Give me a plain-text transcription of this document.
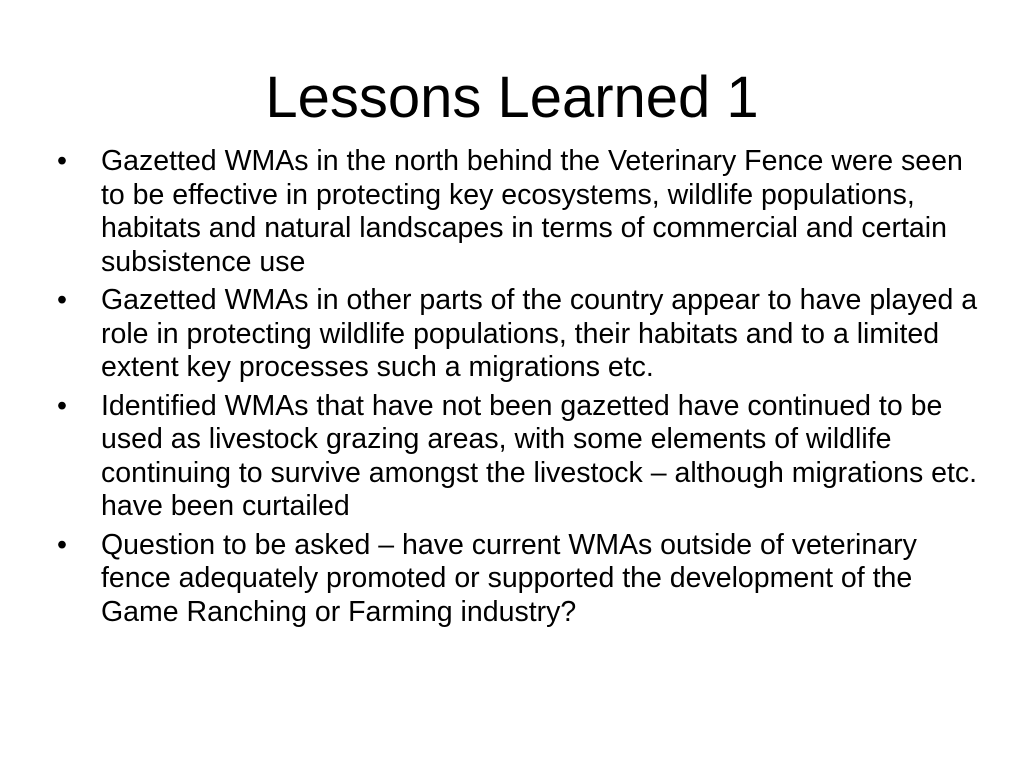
Lessons Learned 1
•	Gazetted WMAs in the north behind the Veterinary Fence were seen to be effective in protecting key ecosystems, wildlife populations, habitats and natural landscapes in terms of commercial and certain subsistence use
•	Gazetted WMAs in other parts of the country appear to have played a role in protecting wildlife populations, their habitats and to a limited extent key processes such a migrations etc.
•	Identified WMAs that have not been gazetted have continued to be used as livestock grazing areas, with some elements of wildlife continuing to survive amongst the livestock – although migrations etc. have been curtailed
•	Question to be asked – have current WMAs outside of veterinary fence adequately promoted or supported the development of the Game Ranching or Farming industry?
